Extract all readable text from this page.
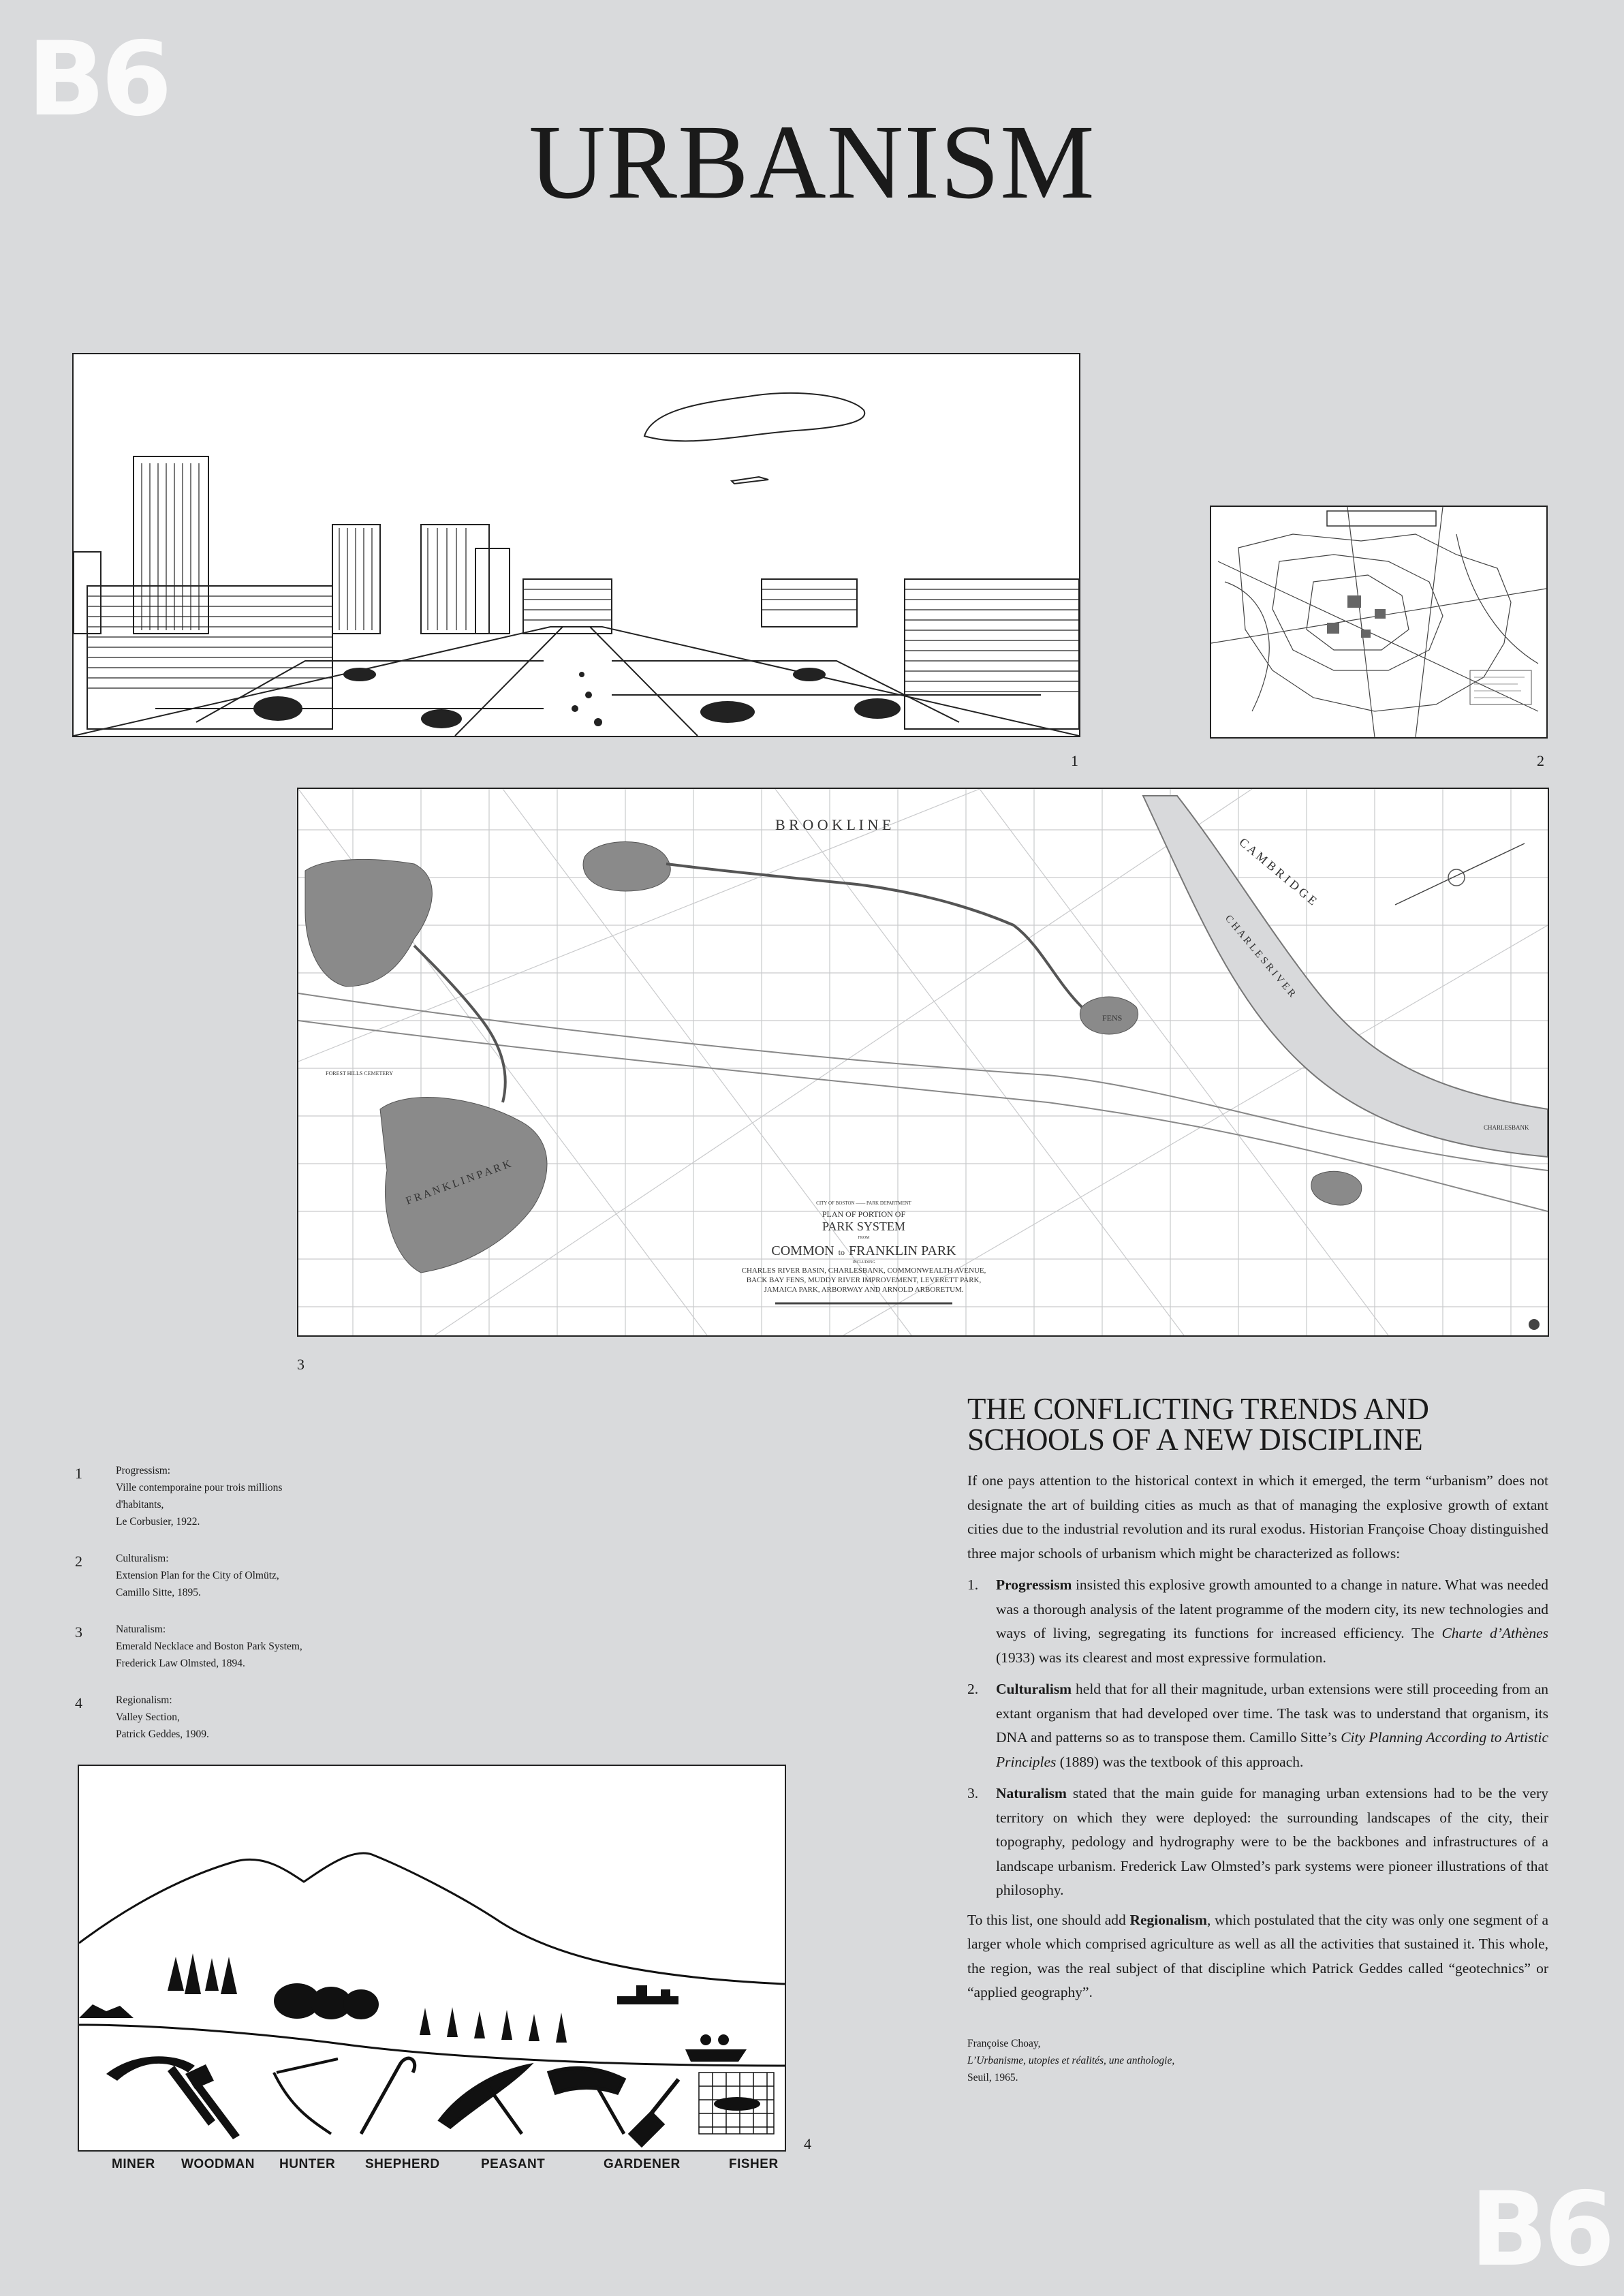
B6
B6
URBANISM
1	2
B R O O K L I N E
C A M B R I D G E
C H A R L E S R I V E R
FENS
F R A N K L I N P A R K
FOREST HILLS CEMETERY
CHARLESBANK
CITY OF BOSTON —— PARK DEPARTMENT
PLAN OF PORTION OF
PARK SYSTEM
FROM
COMMON to FRANKLIN PARK
INCLUDING
CHARLES RIVER BASIN, CHARLESBANK, COMMONWEALTH AVENUE,
BACK BAY FENS, MUDDY RIVER IMPROVEMENT, LEVERETT PARK,
JAMAICA PARK, ARBORWAY AND ARNOLD ARBORETUM.
3
1	Progressism:
Ville contemporaine pour trois millions
d'habitants,
Le Corbusier, 1922.
2	Culturalism:
Extension Plan for the City of Olmütz,
Camillo Sitte, 1895.
3	Naturalism:
Emerald Necklace and Boston Park System,
Frederick Law Olmsted, 1894.
4	Regionalism:
Valley Section,
Patrick Geddes, 1909.
4
MINER WOODMAN HUNTER SHEPHERD	PEASANT	GARDENER	FISHER
THE CONFLICTING TRENDS AND
SCHOOLS OF A NEW DISCIPLINE

If one pays attention to the historical context in which it emerged, the term “urbanism” does not designate the art of building cities as much as that of managing the explosive growth of extant cities due to the industrial revolution and its rural exodus. Historian Françoise Choay distinguished three major schools of urbanism which might be characterized as follows:

1.	Progressism insisted this explosive growth amounted to a change in nature. What was needed was a thorough analysis of the latent programme of the modern city, its new technologies and ways of living, segregating its functions for increased efficiency. The Charte d’Athènes (1933) was its clearest and most expressive formulation.

2.	Culturalism held that for all their magnitude, urban extensions were still proceeding from an extant organism that had developed over time. The task was to understand that organism, its DNA and patterns so as to transpose them. Camillo Sitte’s City Planning According to Artistic Principles (1889) was the textbook of this approach.

3.	Naturalism stated that the main guide for managing urban extensions had to be the very territory on which they were deployed: the surrounding landscapes of the city, their topography, pedology and hydrography were to be the backbones and infrastructures of a landscape urbanism. Frederick Law Olmsted’s park systems were pioneer illustrations of that philosophy.

To this list, one should add Regionalism, which postulated that the city was only one segment of a larger whole which comprised agriculture as well as all the activities that sustained it. This whole, the region, was the real subject of that discipline which Patrick Geddes called “geotechnics” or “applied geography”.

Françoise Choay,
L’Urbanisme, utopies et réalités, une anthologie,
Seuil, 1965.
